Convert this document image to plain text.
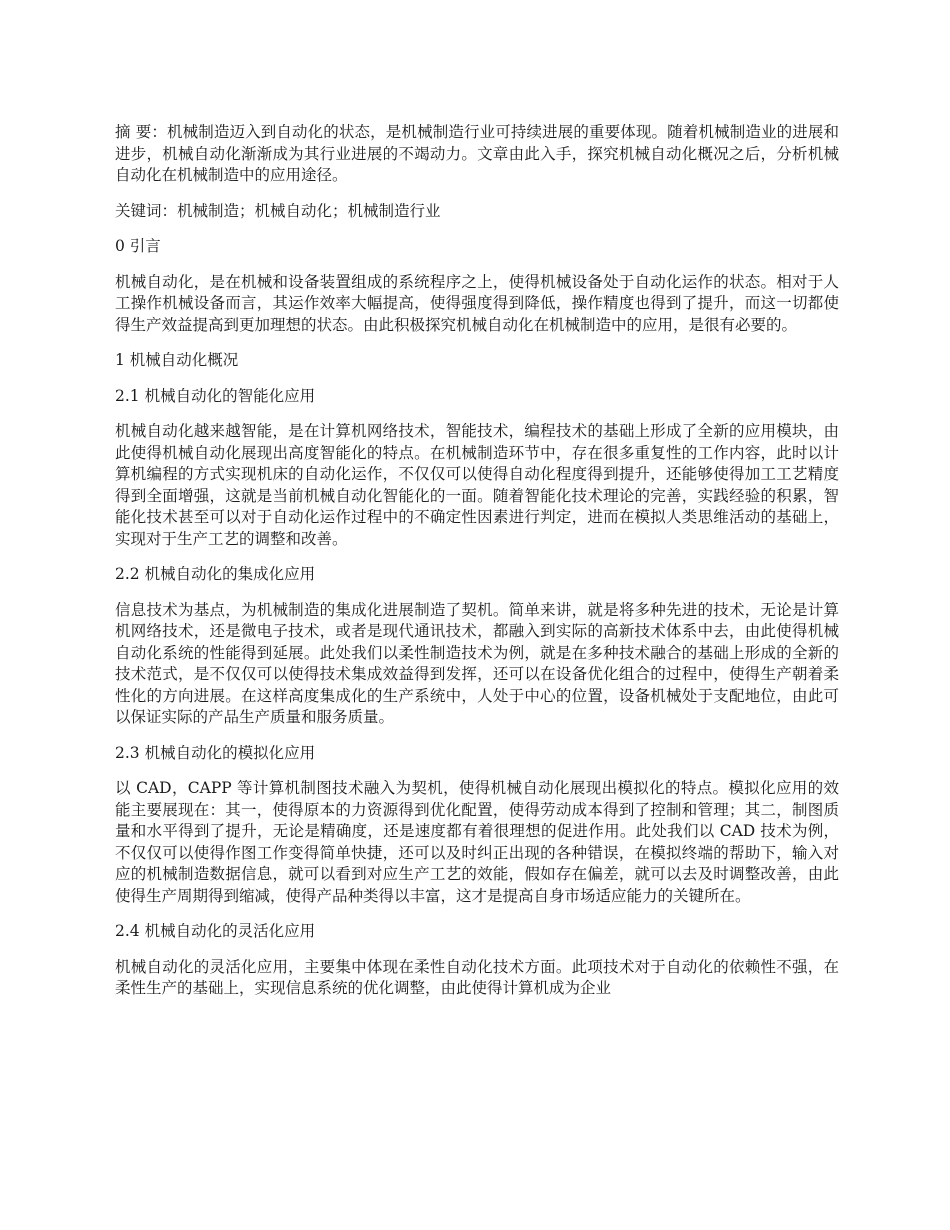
摘 要：机械制造迈入到自动化的状态，是机械制造行业可持续进展的重要体现。随着机械制造业的进展和进步，机械自动化渐渐成为其行业进展的不竭动力。文章由此入手，探究机械自动化概况之后，分析机械自动化在机械制造中的应用途径。

关键词：机械制造；机械自动化；机械制造行业

0 引言

机械自动化，是在机械和设备装置组成的系统程序之上，使得机械设备处于自动化运作的状态。相对于人工操作机械设备而言，其运作效率大幅提高，使得强度得到降低，操作精度也得到了提升，而这一切都使得生产效益提高到更加理想的状态。由此积极探究机械自动化在机械制造中的应用，是很有必要的。

1 机械自动化概况
2.1 机械自动化的智能化应用

机械自动化越来越智能，是在计算机网络技术，智能技术，编程技术的基础上形成了全新的应用模块，由此使得机械自动化展现出高度智能化的特点。在机械制造环节中，存在很多重复性的工作内容，此时以计算机编程的方式实现机床的自动化运作，不仅仅可以使得自动化程度得到提升，还能够使得加工工艺精度得到全面增强，这就是当前机械自动化智能化的一面。随着智能化技术理论的完善，实践经验的积累，智能化技术甚至可以对于自动化运作过程中的不确定性因素进行判定，进而在模拟人类思维活动的基础上，实现对于生产工艺的调整和改善。

2.2 机械自动化的集成化应用

信息技术为基点，为机械制造的集成化进展制造了契机。简单来讲，就是将多种先进的技术，无论是计算机网络技术，还是微电子技术，或者是现代通讯技术，都融入到实际的高新技术体系中去，由此使得机械自动化系统的性能得到延展。此处我们以柔性制造技术为例，就是在多种技术融合的基础上形成的全新的技术范式，是不仅仅可以使得技术集成效益得到发挥，还可以在设备优化组合的过程中，使得生产朝着柔性化的方向进展。在这样高度集成化的生产系统中，人处于中心的位置，设备机械处于支配地位，由此可以保证实际的产品生产质量和服务质量。

2.3 机械自动化的模拟化应用

以 CAD，CAPP 等计算机制图技术融入为契机，使得机械自动化展现出模拟化的特点。模拟化应用的效能主要展现在：其一，使得原本的力资源得到优化配置，使得劳动成本得到了控制和管理；其二，制图质量和水平得到了提升，无论是精确度，还是速度都有着很理想的促进作用。此处我们以 CAD 技术为例，不仅仅可以使得作图工作变得简单快捷，还可以及时纠正出现的各种错误，在模拟终端的帮助下，输入对应的机械制造数据信息，就可以看到对应生产工艺的效能，假如存在偏差，就可以去及时调整改善，由此使得生产周期得到缩减，使得产品种类得以丰富，这才是提高自身市场适应能力的关键所在。

2.4 机械自动化的灵活化应用

机械自动化的灵活化应用，主要集中体现在柔性自动化技术方面。此项技术对于自动化的依赖性不强，在柔性生产的基础上，实现信息系统的优化调整，由此使得计算机成为企业
